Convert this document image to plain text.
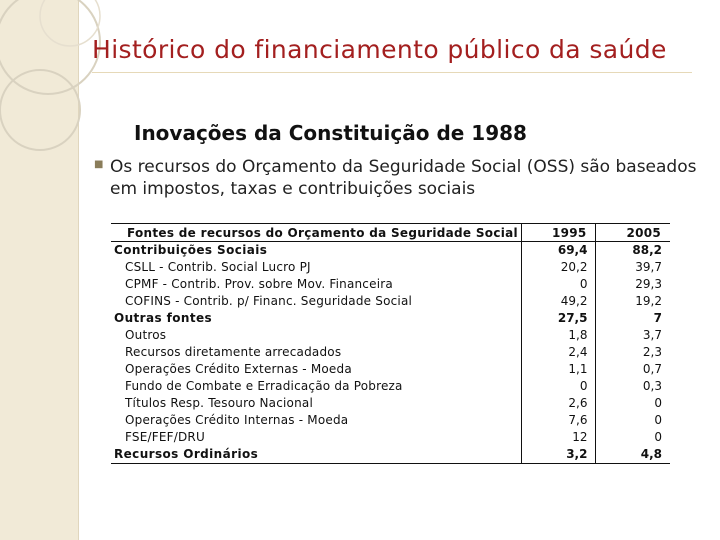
Histórico do financiamento público da saúde
Inovações da Constituição de 1988
■ Os recursos do Orçamento da Seguridade Social (OSS) são baseados em impostos, taxas e contribuições sociais
Fontes de recursos do Orçamento da Seguridade Social	1995	2005
Contribuições Sociais	69,4	88,2
CSLL - Contrib. Social Lucro PJ	20,2	39,7
CPMF - Contrib. Prov. sobre Mov. Financeira	0	29,3
COFINS - Contrib. p/ Financ. Seguridade Social	49,2	19,2
Outras fontes	27,5	7
Outros	1,8	3,7
Recursos diretamente arrecadados	2,4	2,3
Operações Crédito Externas - Moeda	1,1	0,7
Fundo de Combate e Erradicação da Pobreza	0	0,3
Títulos Resp. Tesouro Nacional	2,6	0
Operações Crédito Internas - Moeda	7,6	0
FSE/FEF/DRU	12	0
Recursos Ordinários	3,2	4,8
